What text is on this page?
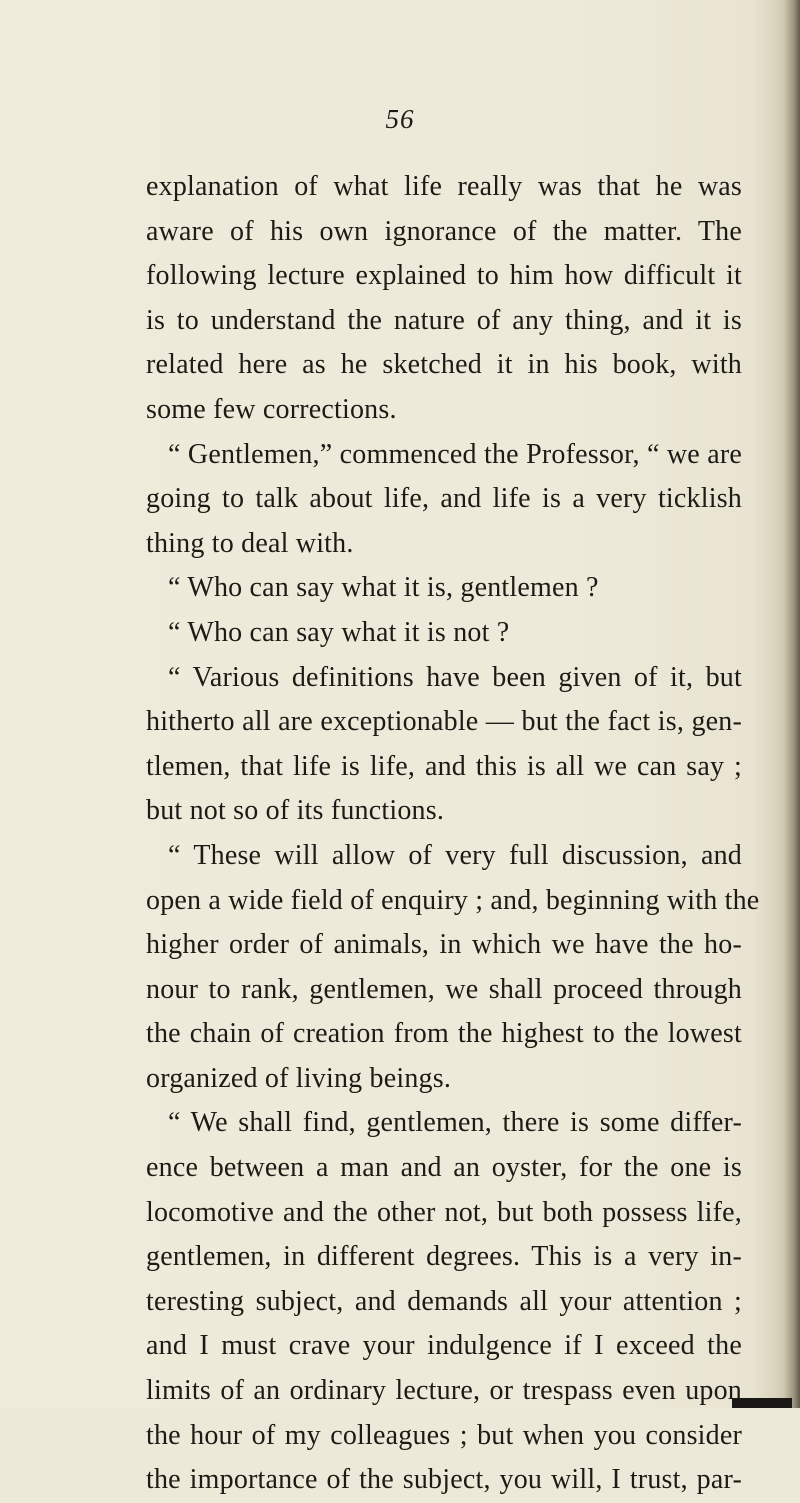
56
explanation of what life really was that he was
aware of his own ignorance of the matter. The
following lecture explained to him how difficult it
is to understand the nature of any thing, and it is
related here as he sketched it in his book, with
some few corrections.
“ Gentlemen,” commenced the Professor, “ we are
going to talk about life, and life is a very ticklish
thing to deal with.
“ Who can say what it is, gentlemen ?
“ Who can say what it is not ?
“ Various definitions have been given of it, but
hitherto all are exceptionable — but the fact is, gen-
tlemen, that life is life, and this is all we can say ;
but not so of its functions.
“ These will allow of very full discussion, and
open a wide field of enquiry ; and, beginning with the
higher order of animals, in which we have the ho-
nour to rank, gentlemen, we shall proceed through
the chain of creation from the highest to the lowest
organized of living beings.
“ We shall find, gentlemen, there is some differ-
ence between a man and an oyster, for the one is
locomotive and the other not, but both possess life,
gentlemen, in different degrees. This is a very in-
teresting subject, and demands all your attention ;
and I must crave your indulgence if I exceed the
limits of an ordinary lecture, or trespass even upon
the hour of my colleagues ; but when you consider
the importance of the subject, you will, I trust, par-
